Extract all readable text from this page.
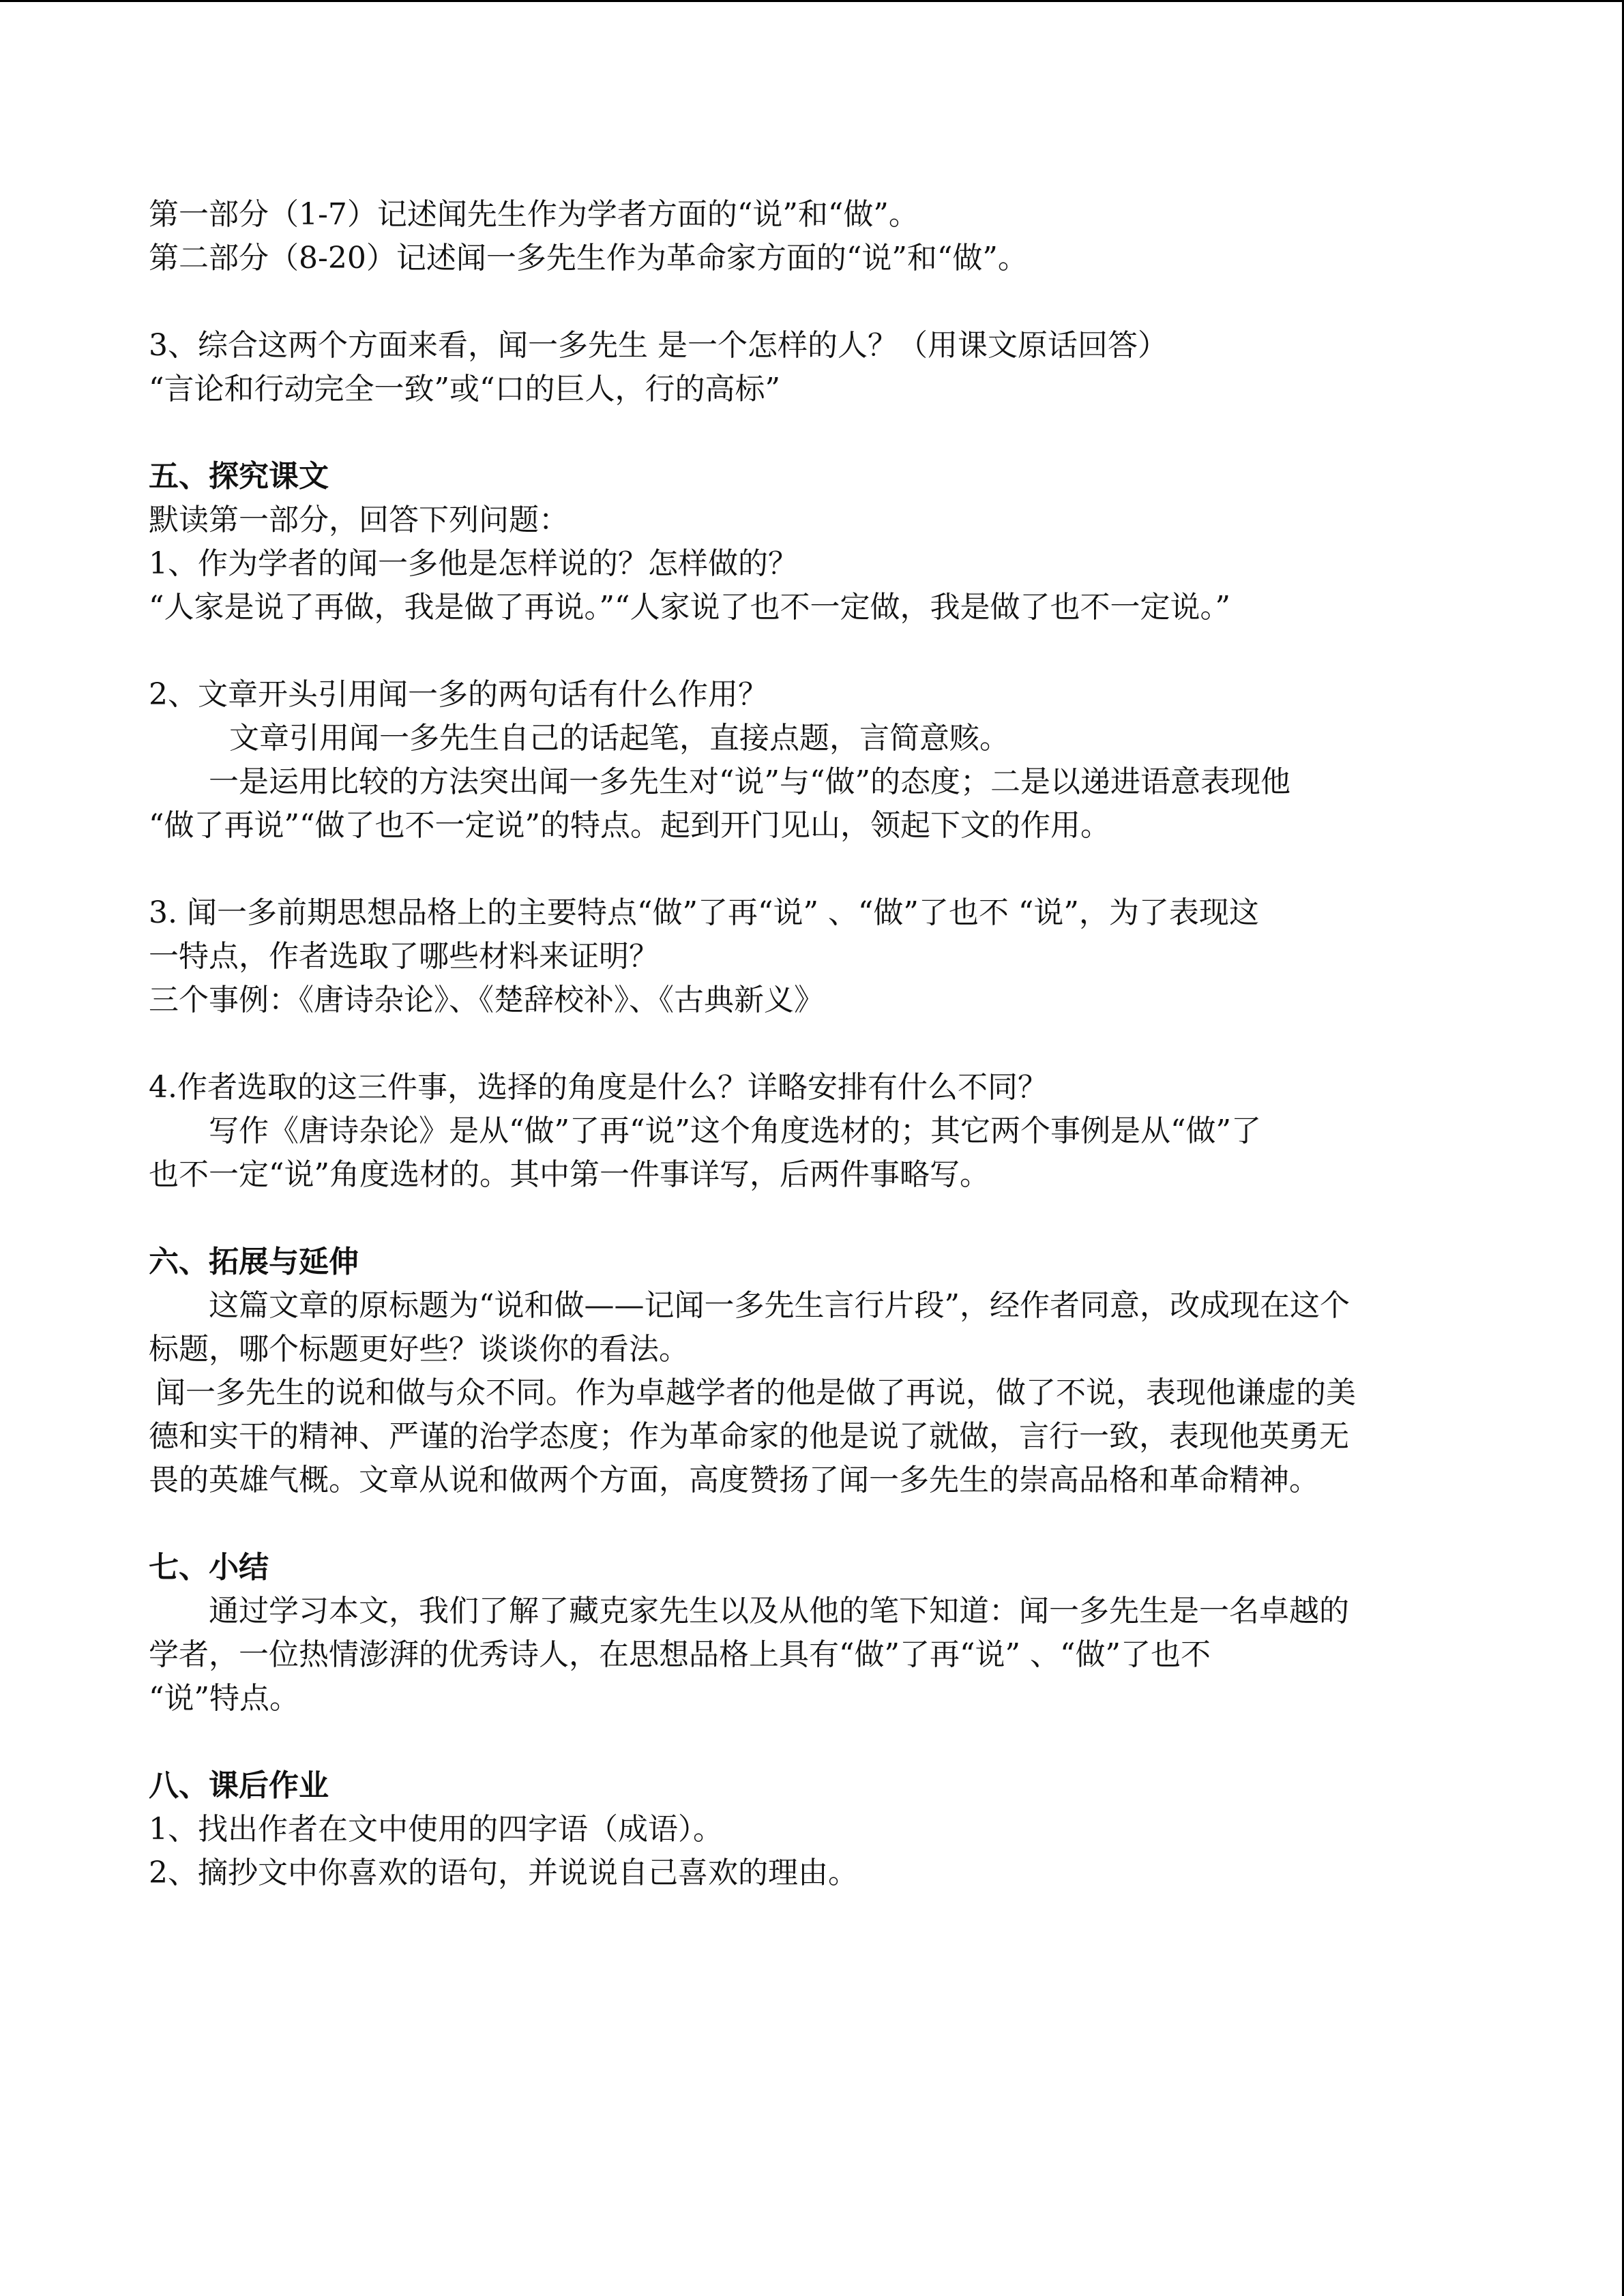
第一部分（1-7）记述闻先生作为学者方面的“说”和“做”。
第二部分（8-20）记述闻一多先生作为革命家方面的“说”和“做”。
3、综合这两个方面来看，闻一多先生 是一个怎样的人？（用课文原话回答）
“言论和行动完全一致”或“口的巨人，行的高标”
五、探究课文
默读第一部分，回答下列问题：
1、作为学者的闻一多他是怎样说的？怎样做的？
“人家是说了再做，我是做了再说。”“人家说了也不一定做，我是做了也不一定说。”
2、文章开头引用闻一多的两句话有什么作用？
文章引用闻一多先生自己的话起笔，直接点题，言简意赅。
一是运用比较的方法突出闻一多先生对“说”与“做”的态度；二是以递进语意表现他
“做了再说”“做了也不一定说”的特点。起到开门见山，领起下文的作用。
3. 闻一多前期思想品格上的主要特点“做”了再“说” 、“做”了也不 “说”，为了表现这
一特点，作者选取了哪些材料来证明？
三个事例：《唐诗杂论》、《楚辞校补》、《古典新义》
4.作者选取的这三件事，选择的角度是什么？详略安排有什么不同？
写作《唐诗杂论》是从“做”了再“说”这个角度选材的；其它两个事例是从“做”了
也不一定“说”角度选材的。其中第一件事详写，后两件事略写。
六、拓展与延伸
这篇文章的原标题为“说和做——记闻一多先生言行片段”，经作者同意，改成现在这个
标题，哪个标题更好些？谈谈你的看法。
闻一多先生的说和做与众不同。作为卓越学者的他是做了再说，做了不说，表现他谦虚的美
德和实干的精神、严谨的治学态度；作为革命家的他是说了就做，言行一致，表现他英勇无
畏的英雄气概。文章从说和做两个方面，高度赞扬了闻一多先生的崇高品格和革命精神。
七、小结
通过学习本文，我们了解了藏克家先生以及从他的笔下知道：闻一多先生是一名卓越的
学者，一位热情澎湃的优秀诗人，在思想品格上具有“做”了再“说” 、“做”了也不
“说”特点。
八、课后作业
1、找出作者在文中使用的四字语（成语）。
2、摘抄文中你喜欢的语句，并说说自己喜欢的理由。
